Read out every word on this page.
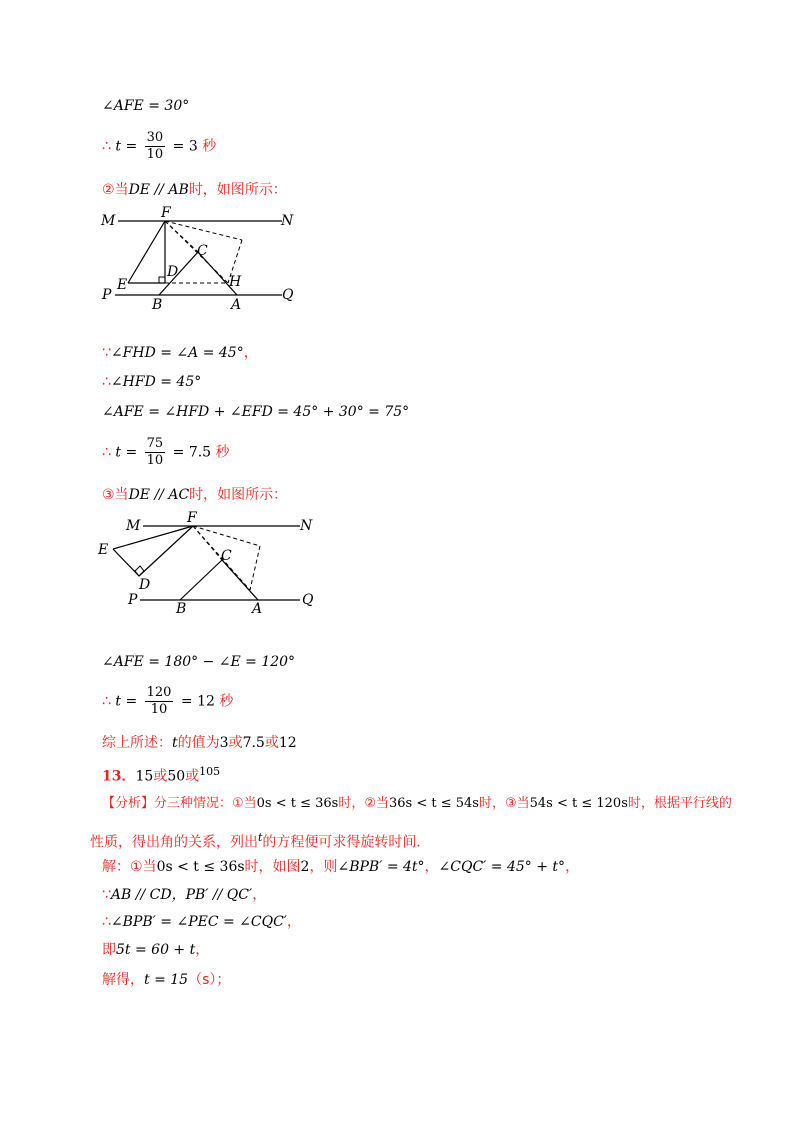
∠AFE = 30°
∴ $t = \frac{30}{10} = 3$ 秒
②当DE // AB时，如图所示：
M	F	N
C
D
H
E
P
B	A
Q
∵∠FHD = ∠A = 45°，
∴∠HFD = 45°
∠AFE = ∠HFD + ∠EFD = 45° + 30° = 75°
∴ $t = \frac{75}{10} = 7.5$ 秒
③当DE // AC时，如图所示：
M	F	N
E	C
D
P
B	A
Q
∠AFE = 180° − ∠E = 120°
∴ $t = \frac{120}{10} = 12$ 秒
综上所述：t的值为3或7.5或12
13．15或50或$^{105}$
【分析】分三种情况：①当0s < t ≤ 36s时，②当36s < t ≤ 54s时，③当54s < t ≤ 120s时，根据平行线的
性质，得出角的关系，列出$^t$的方程便可求得旋转时间．
解：①当0s < t ≤ 36s时，如图2，则∠BPB′ = 4t°，∠CQC′ = 45° + t°，
∵AB // CD，PB′ // QC′，
∴∠BPB′ = ∠PEC = ∠CQC′，
即5t = 60 + t，
解得，t = 15（s）；
